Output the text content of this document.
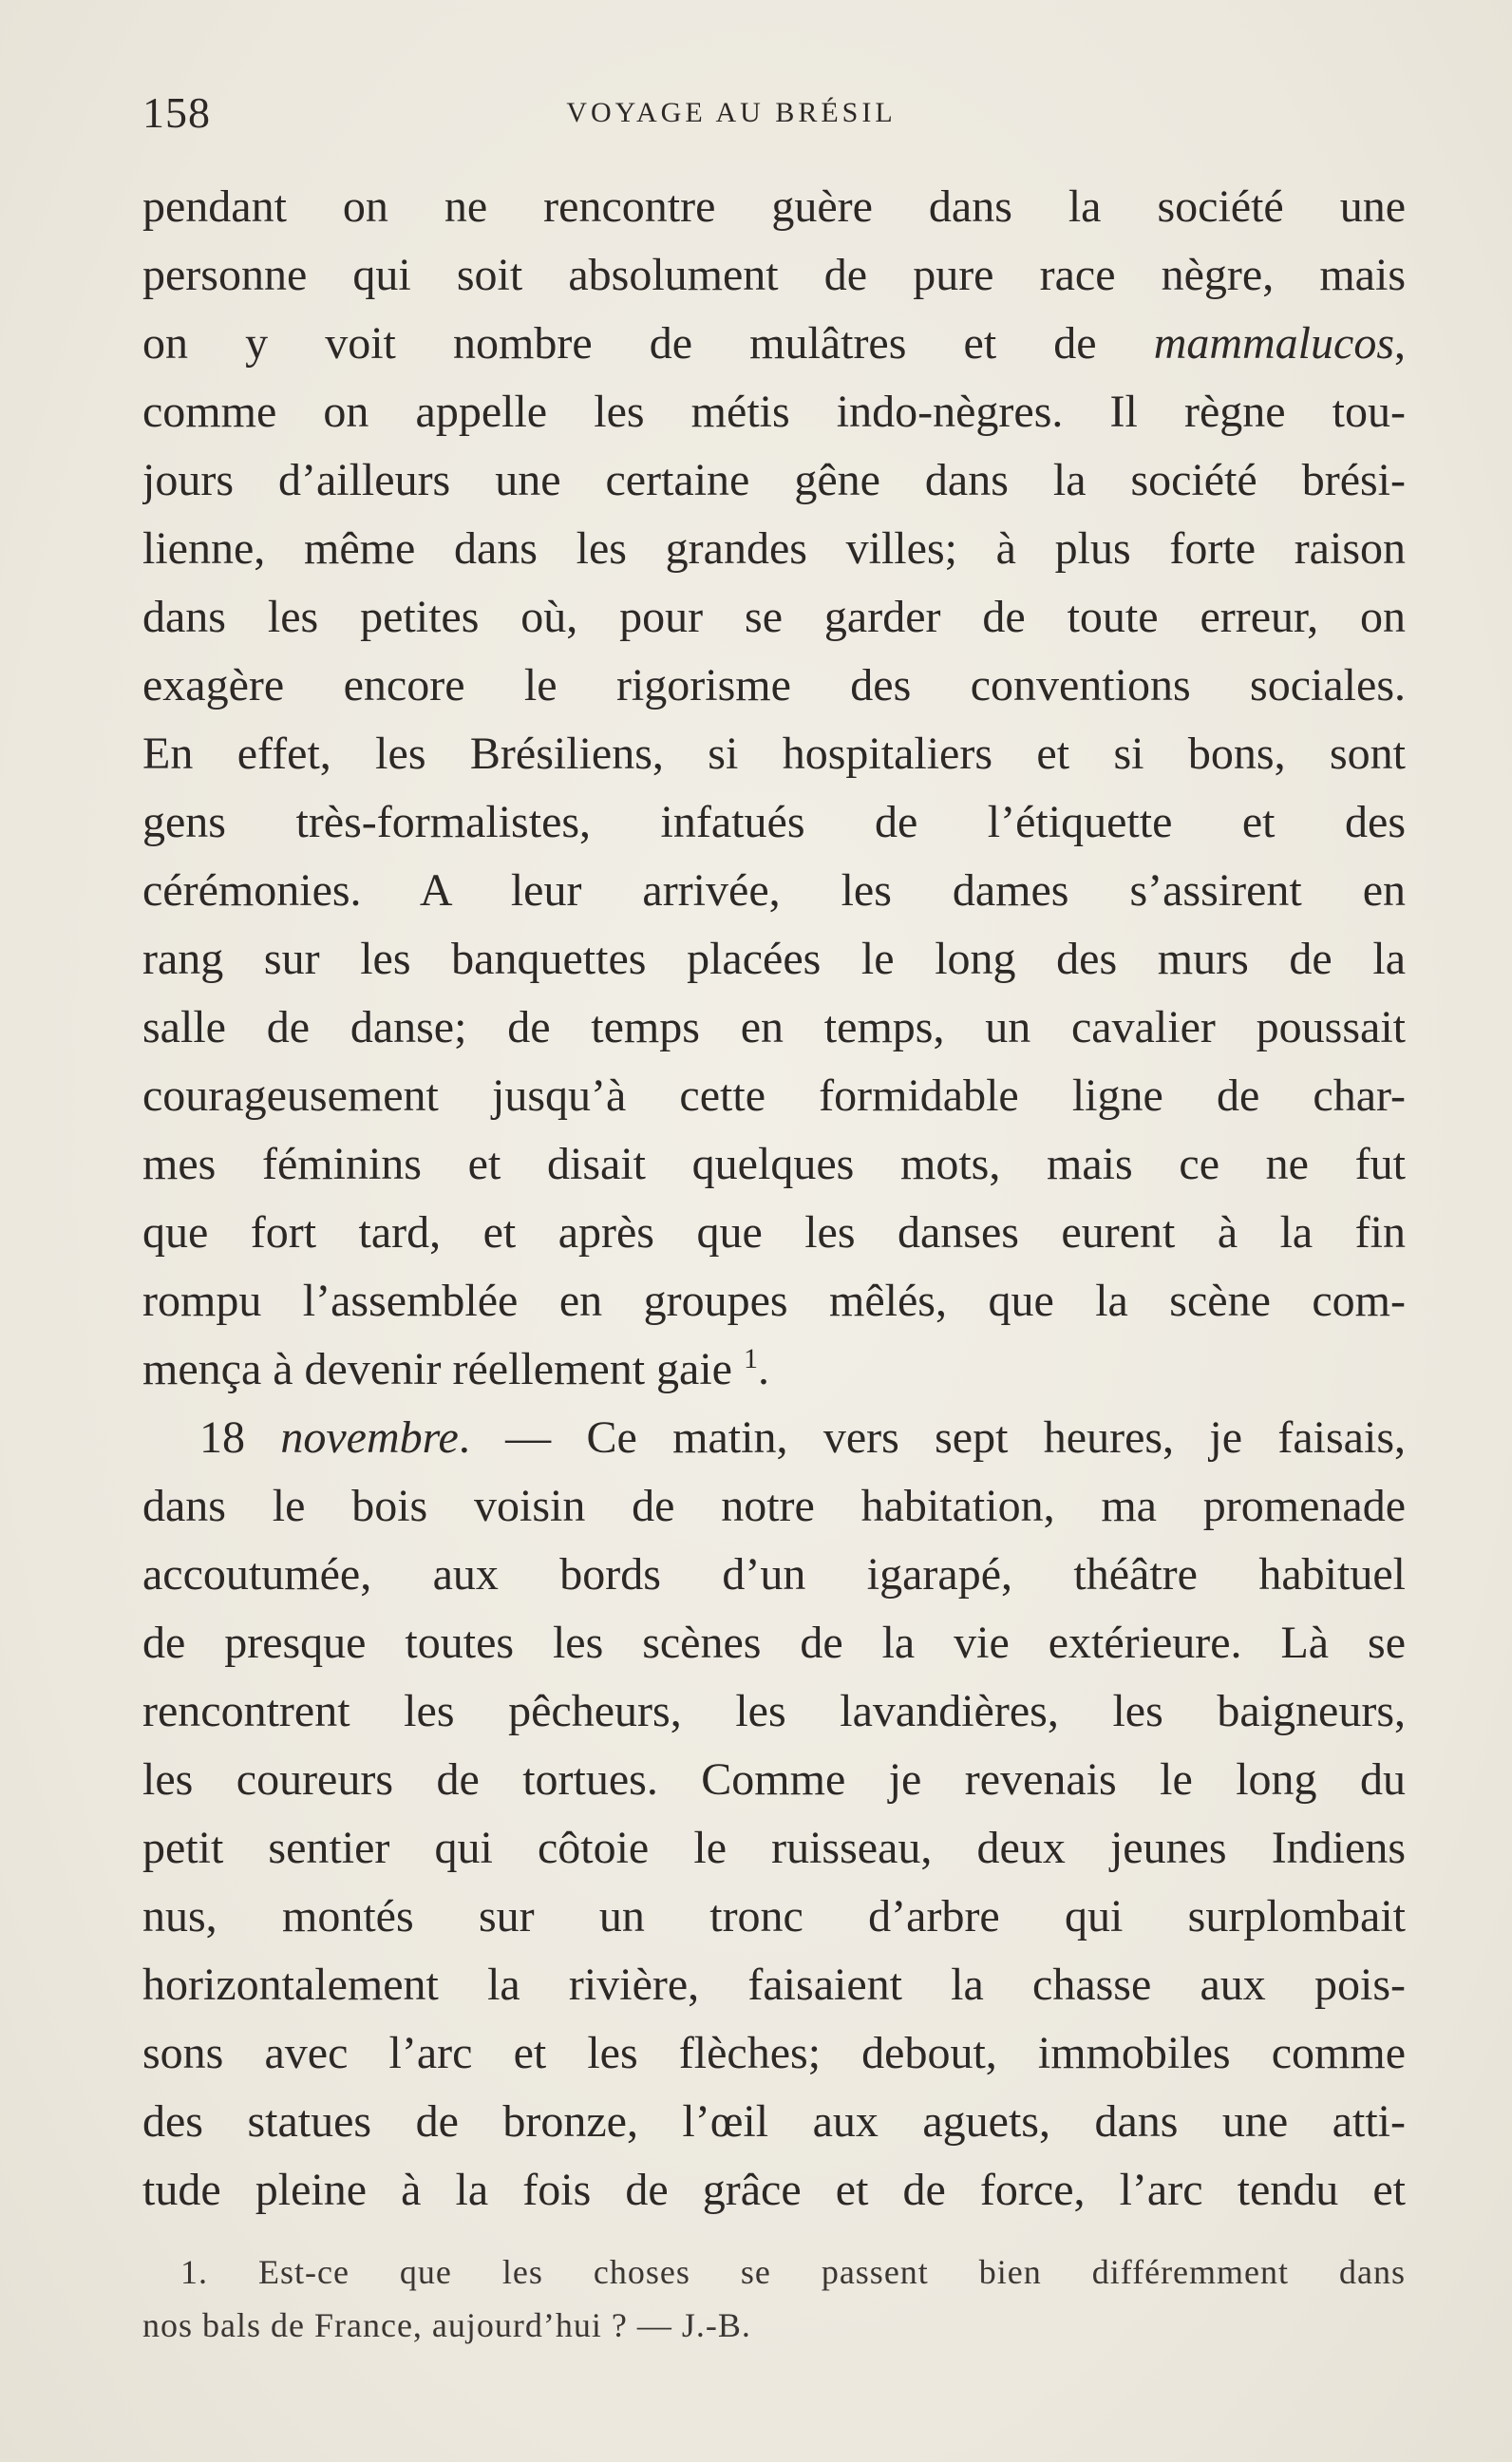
158	VOYAGE AU BRÉSIL
pendant on ne rencontre guère dans la société une
personne qui soit absolument de pure race nègre, mais
on y voit nombre de mulâtres et de mammalucos,
comme on appelle les métis indo-nègres. Il règne tou-
jours d’ailleurs une certaine gêne dans la société brési-
lienne, même dans les grandes villes; à plus forte raison
dans les petites où, pour se garder de toute erreur, on
exagère encore le rigorisme des conventions sociales.
En effet, les Brésiliens, si hospitaliers et si bons, sont
gens très-formalistes, infatués de l’étiquette et des
cérémonies. A leur arrivée, les dames s’assirent en
rang sur les banquettes placées le long des murs de la
salle de danse; de temps en temps, un cavalier poussait
courageusement jusqu’à cette formidable ligne de char-
mes féminins et disait quelques mots, mais ce ne fut
que fort tard, et après que les danses eurent à la fin
rompu l’assemblée en groupes mêlés, que la scène com-
mença à devenir réellement gaie $^1$.
18 novembre. — Ce matin, vers sept heures, je faisais,
dans le bois voisin de notre habitation, ma promenade
accoutumée, aux bords d’un igarapé, théâtre habituel
de presque toutes les scènes de la vie extérieure. Là se
rencontrent les pêcheurs, les lavandières, les baigneurs,
les coureurs de tortues. Comme je revenais le long du
petit sentier qui côtoie le ruisseau, deux jeunes Indiens
nus, montés sur un tronc d’arbre qui surplombait
horizontalement la rivière, faisaient la chasse aux pois-
sons avec l’arc et les flèches; debout, immobiles comme
des statues de bronze, l’œil aux aguets, dans une atti-
tude pleine à la fois de grâce et de force, l’arc tendu et
1. Est-ce que les choses se passent bien différemment dans
nos bals de France, aujourd’hui ? — J.-B.
